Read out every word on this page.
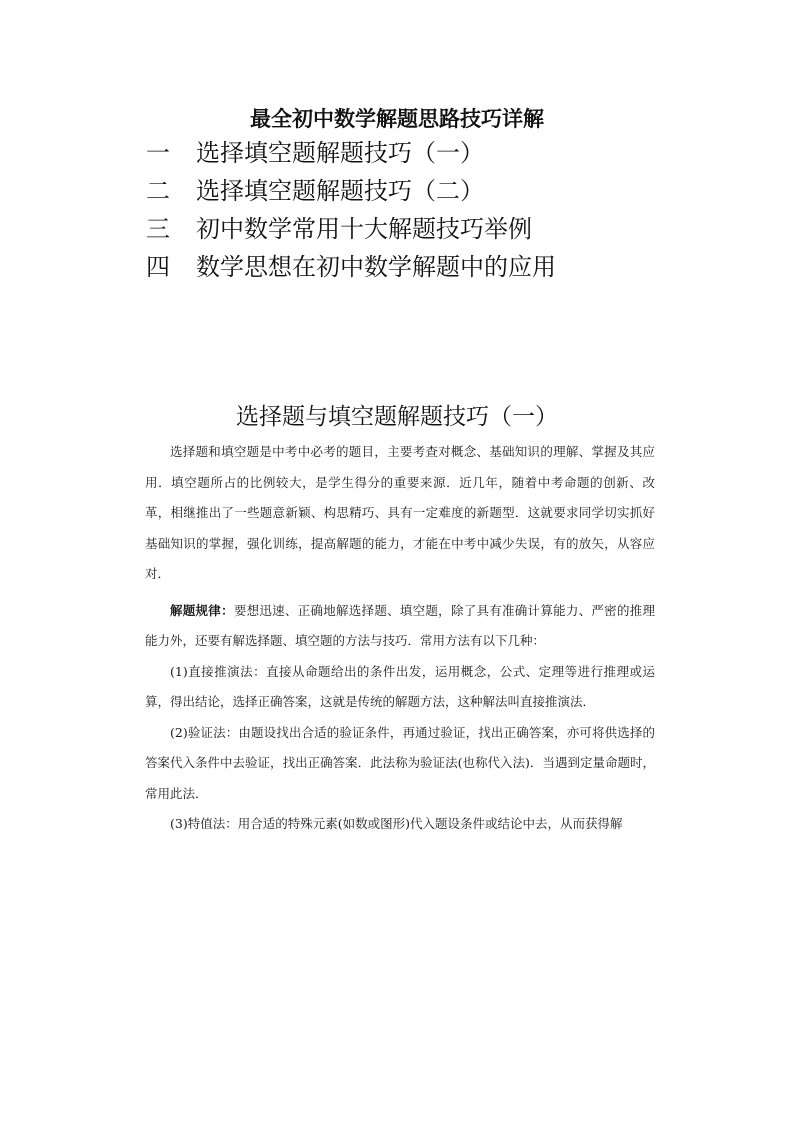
最全初中数学解题思路技巧详解
一 选择填空题解题技巧（一）
二 选择填空题解题技巧（二）
三 初中数学常用十大解题技巧举例
四 数学思想在初中数学解题中的应用
选择题与填空题解题技巧（一）

选择题和填空题是中考中必考的题目，主要考查对概念、基础知识的理解、掌握及其应用．填空题所占的比例较大，是学生得分的重要来源．近几年，随着中考命题的创新、改革，相继推出了一些题意新颖、构思精巧、具有一定难度的新题型．这就要求同学切实抓好基础知识的掌握，强化训练，提高解题的能力，才能在中考中减少失误，有的放矢，从容应对．

解题规律：要想迅速、正确地解选择题、填空题，除了具有准确计算能力、严密的推理能力外，还要有解选择题、填空题的方法与技巧．常用方法有以下几种：

(1)直接推演法：直接从命题给出的条件出发，运用概念，公式、定理等进行推理或运算，得出结论，选择正确答案，这就是传统的解题方法，这种解法叫直接推演法．

(2)验证法：由题设找出合适的验证条件，再通过验证，找出正确答案，亦可将供选择的答案代入条件中去验证，找出正确答案．此法称为验证法(也称代入法)．当遇到定量命题时，常用此法．

(3)特值法：用合适的特殊元素(如数或图形)代入题设条件或结论中去，从而获得解
